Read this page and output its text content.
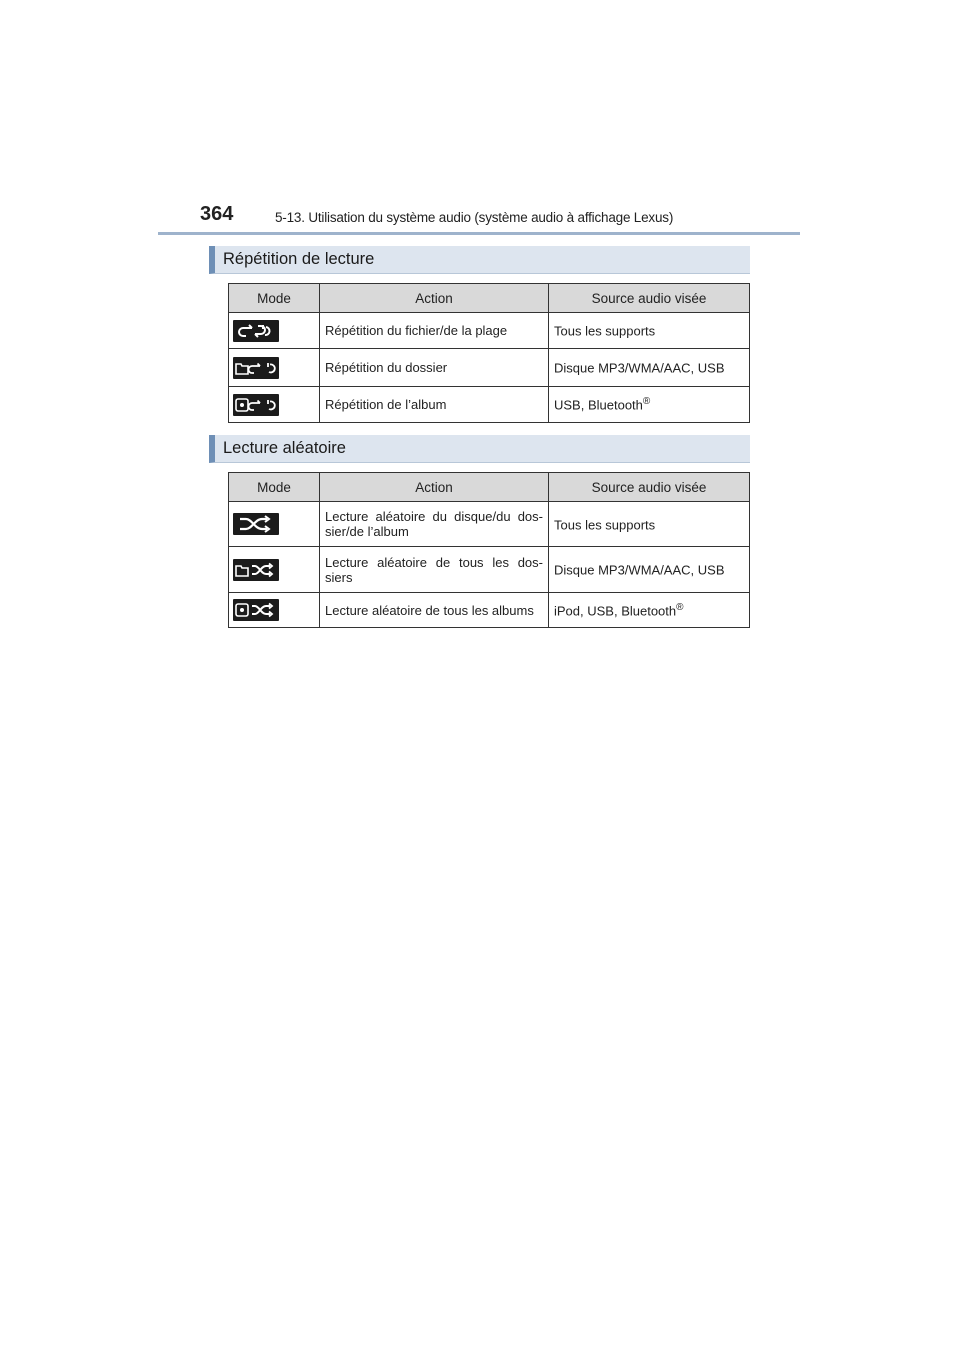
364	5-13. Utilisation du système audio (système audio à affichage Lexus)
Répétition de lecture
Mode	Action	Source audio visée

	Répétition du fichier/de la plage	Tous les supports

	Répétition du dossier	Disque MP3/WMA/AAC, USB

	Répétition de l’album	USB, Bluetooth®
Lecture aléatoire
Mode	Action	Source audio visée

	Lecture aléatoire du disque/du dos-sier/de l’album	Tous les supports

	Lecture aléatoire de tous les dos-siers	Disque MP3/WMA/AAC, USB

	Lecture aléatoire de tous les albums	iPod, USB, Bluetooth®
